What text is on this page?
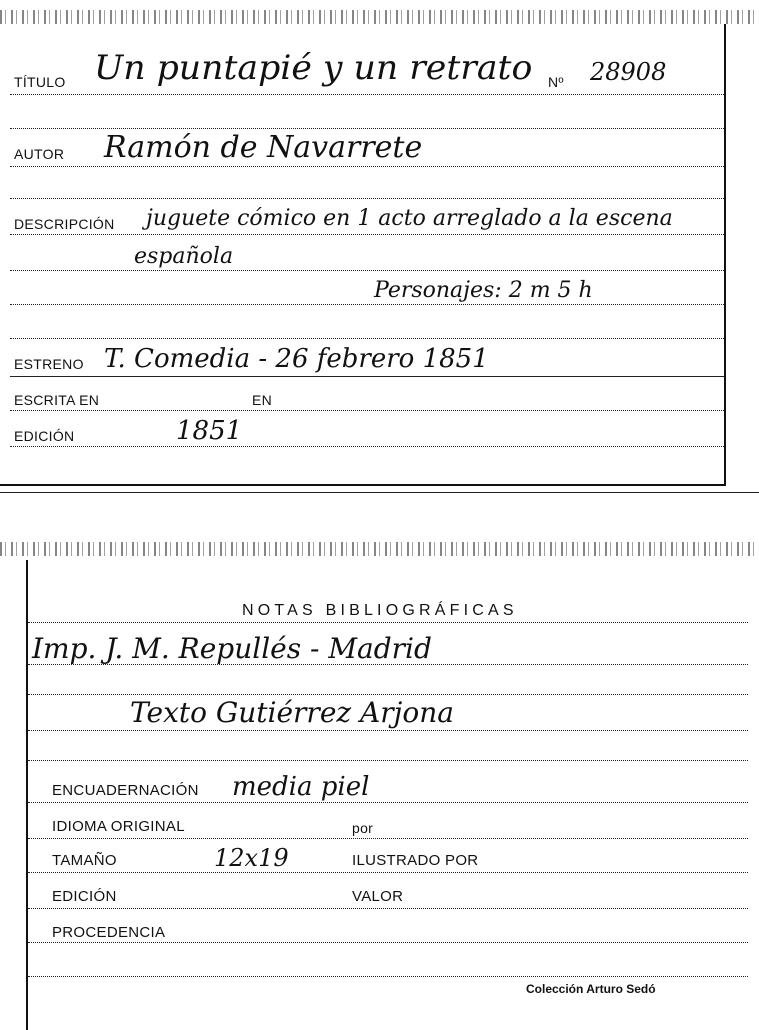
TÍTULO Un puntapié y un retrato Nº 28908
AUTOR Ramón de Navarrete
DESCRIPCIÓN juguete cómico en 1 acto arreglado a la escena
española
Personajes: 2 m 5 h
ESTRENO T. Comedia - 26 febrero 1851
ESCRITA EN	EN
EDICIÓN	1851
NOTAS BIBLIOGRÁFICAS
Imp. J. M. Repullés - Madrid
Texto Gutiérrez Arjona
ENCUADERNACIÓN media piel
IDIOMA ORIGINAL	por
TAMAÑO	12x19	ILUSTRADO POR
EDICIÓN	VALOR
PROCEDENCIA
Colección Arturo Sedó
